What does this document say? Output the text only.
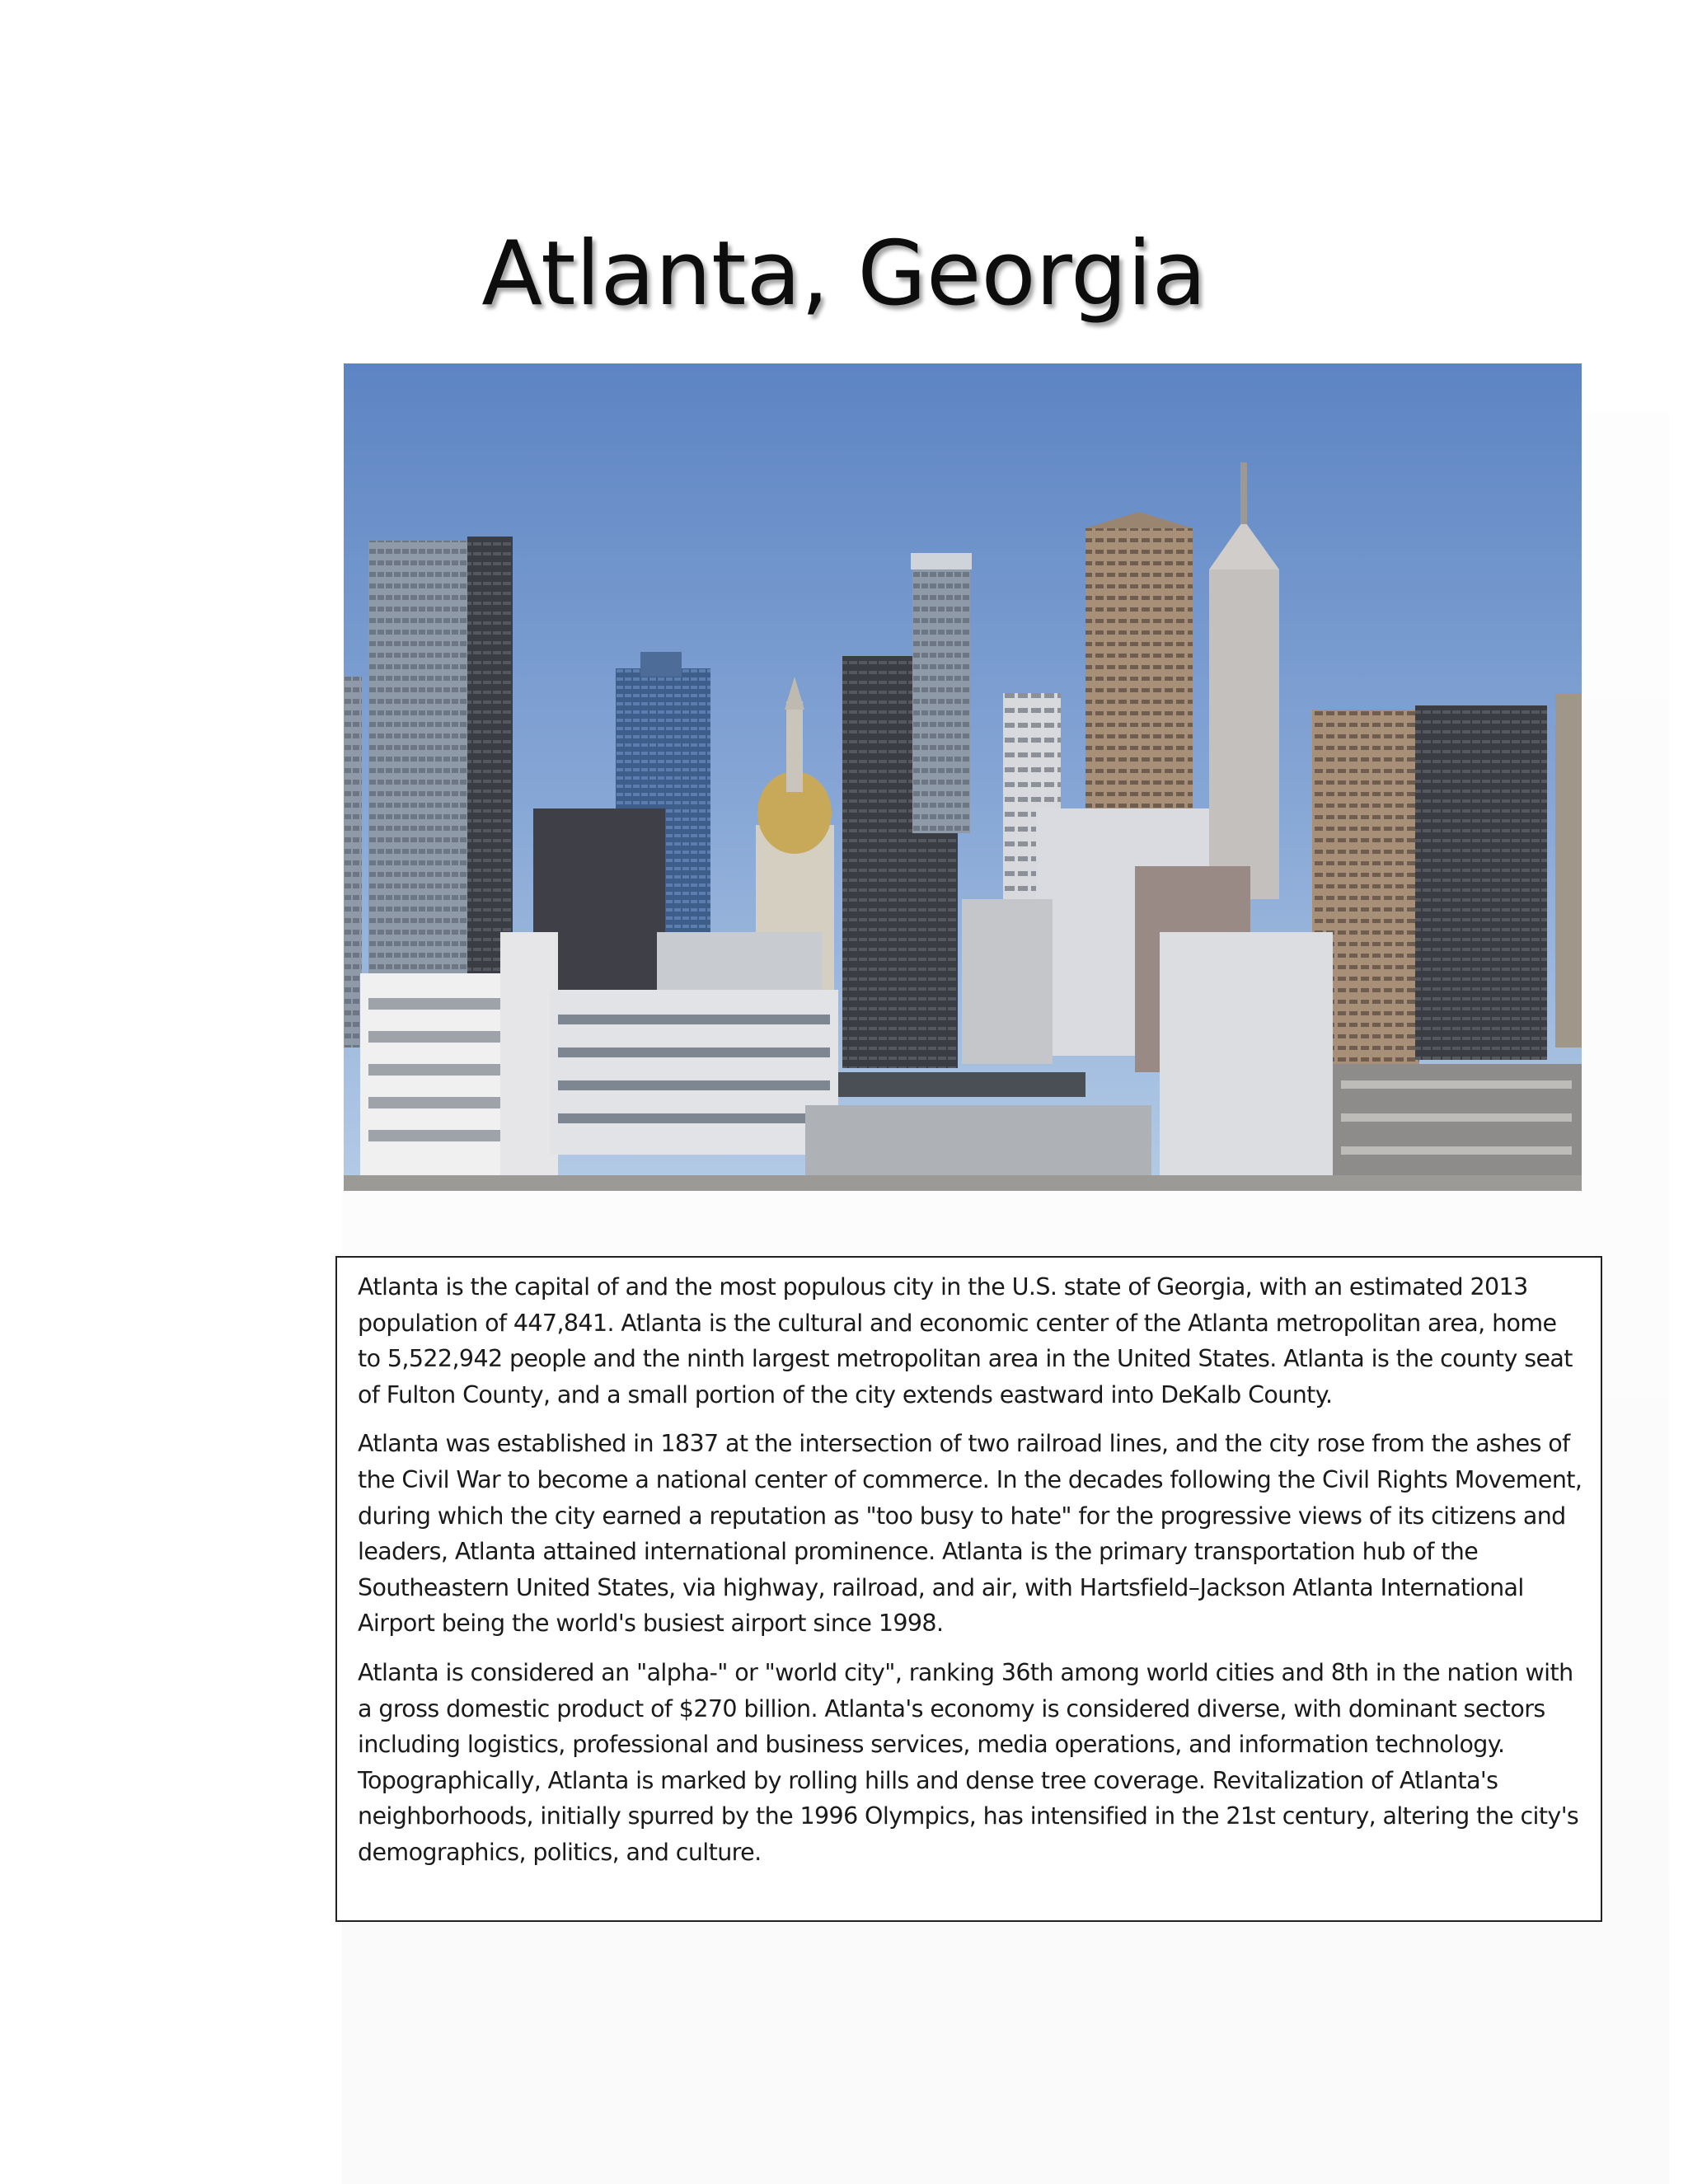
Atlanta, Georgia

Atlanta is the capital of and the most populous city in the U.S. state of Georgia, with an estimated 2013 population of 447,841. Atlanta is the cultural and economic center of the Atlanta metropolitan area, home to 5,522,942 people and the ninth largest metropolitan area in the United States. Atlanta is the county seat of Fulton County, and a small portion of the city extends eastward into DeKalb County.

Atlanta was established in 1837 at the intersection of two railroad lines, and the city rose from the ashes of the Civil War to become a national center of commerce. In the decades following the Civil Rights Movement, during which the city earned a reputation as "too busy to hate" for the progressive views of its citizens and leaders, Atlanta attained international prominence. Atlanta is the primary transportation hub of the Southeastern United States, via highway, railroad, and air, with Hartsfield–Jackson Atlanta International Airport being the world's busiest airport since 1998.

Atlanta is considered an "alpha-" or "world city", ranking 36th among world cities and 8th in the nation with a gross domestic product of $270 billion. Atlanta's economy is considered diverse, with dominant sectors including logistics, professional and business services, media operations, and information technology. Topographically, Atlanta is marked by rolling hills and dense tree coverage. Revitalization of Atlanta's neighborhoods, initially spurred by the 1996 Olympics, has intensified in the 21st century, altering the city's demographics, politics, and culture.
